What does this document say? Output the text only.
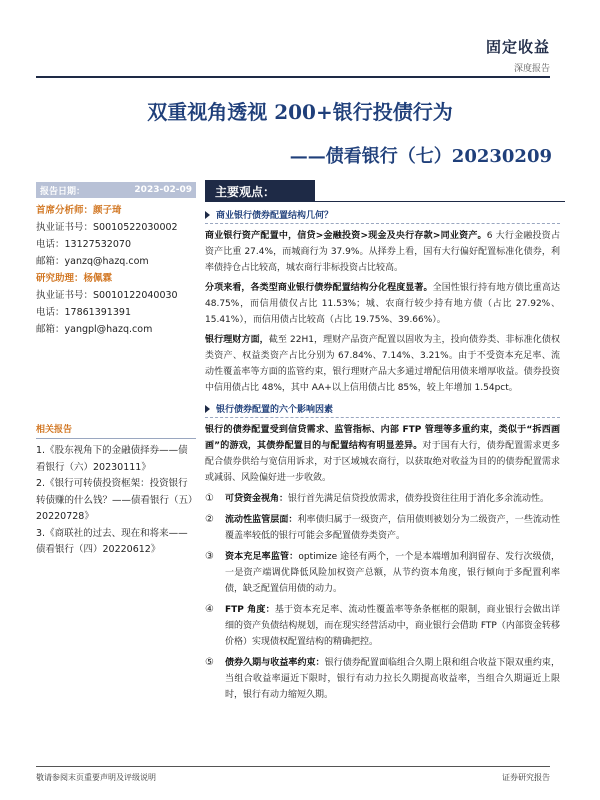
固定收益
深度报告
双重视角透视 200+银行投债行为
——债看银行（七）20230209
报告日期：	2023-02-09
首席分析师：颜子琦
执业证书号：S0010522030002
电话：13127532070
邮箱：yanzq@hazq.com
研究助理：杨佩霖
执业证书号：S0010122040030
电话：17861391391
邮箱：yangpl@hazq.com
相关报告
1.《股东视角下的金融债择券——债看银行（六）20230111》
2.《银行可转债投资框架：投资银行转债赚的什么钱？——债看银行（五）20220728》
3.《商联社的过去、现在和将来——债看银行（四）20220612》
主要观点：
商业银行债券配置结构几何？
商业银行资产配置中，信贷>金融投资>现金及央行存款>同业资产。6 大行金融投资占资产比重 27.4%，而城商行为 37.9%。从择券上看，国有大行偏好配置标准化债券，利率债持仓占比较高，城农商行非标投资占比较高。
分项来看，各类型商业银行债券配置结构分化程度显著。全国性银行持有地方债比重高达 48.75%，而信用债仅占比 11.53%；城、农商行较少持有地方债（占比 27.92%、15.41%），而信用债占比较高（占比 19.75%、39.66%）。
银行理财方面，截至 22H1，理财产品资产配置以固收为主，投向债券类、非标准化债权类资产、权益类资产占比分别为 67.84%、7.14%、3.21%。由于不受资本充足率、流动性覆盖率等方面的监管约束，银行理财产品大多通过增配信用债来增厚收益。债券投资中信用债占比 48%，其中 AA+以上信用债占比 85%，较上年增加 1.54pct。
银行债券配置的六个影响因素
银行的债券配置受到信贷需求、监管指标、内部 FTP 管理等多重约束，类似于“拆西画画”的游戏，其债券配置目的与配置结构有明显差异。对于国有大行，债券配置需求更多配合债券供给与宽信用诉求，对于区域城农商行，以获取绝对收益为目的的债券配置需求或减弱、风险偏好进一步收敛。
①	可贷资金视角：银行首先满足信贷投放需求，债券投资往往用于消化多余流动性。
②	流动性监管层面：利率债归属于一级资产，信用债则被划分为二级资产，一些流动性覆盖率较低的银行可能会多配置债券类资产。
③	资本充足率监管：optimize 途径有两个，一个是本端增加利润留存、发行次级债，一是资产端调优降低风险加权资产总额，从节约资本角度，银行倾向于多配置利率债，缺乏配置信用债的动力。
④	FTP 角度：基于资本充足率、流动性覆盖率等条条框框的限制，商业银行会做出详细的资产负债结构规划，而在现实经营活动中，商业银行会借助 FTP（内部资金转移价格）实现债权配置结构的精确把控。
⑤	债券久期与收益率约束：银行债券配置面临组合久期上限和组合收益下限双重约束，当组合收益率逼近下限时，银行有动力拉长久期提高收益率，当组合久期逼近上限时，银行有动力缩短久期。
敬请参阅末页重要声明及评级说明	证券研究报告
